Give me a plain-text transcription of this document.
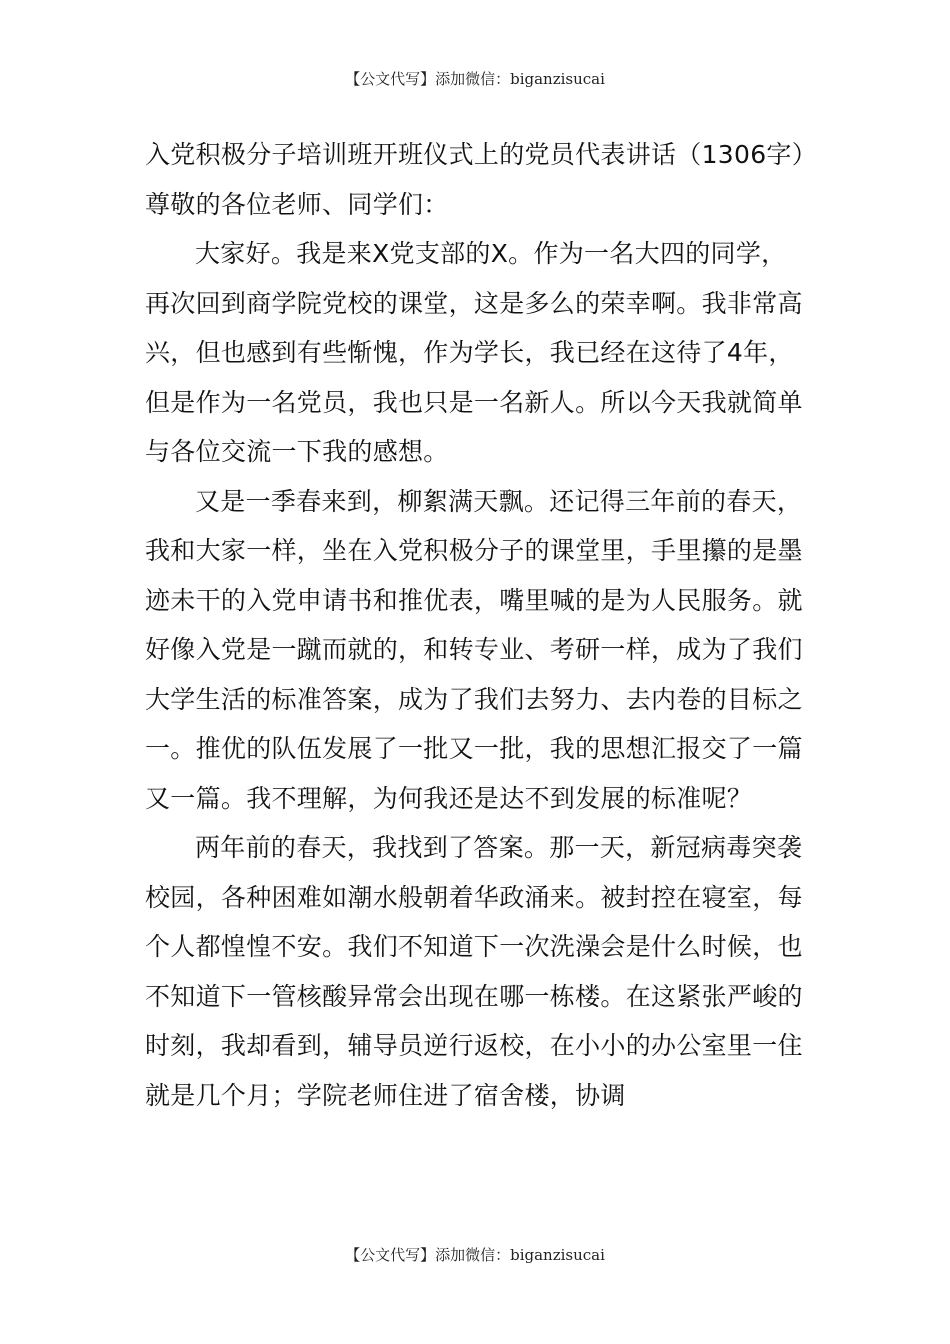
【公文代写】添加微信：biganzisucai

入党积极分子培训班开班仪式上的党员代表讲话（1306字）

尊敬的各位老师、同学们：

大家好。我是来X党支部的X。作为一名大四的同学，再次回到商学院党校的课堂，这是多么的荣幸啊。我非常高兴，但也感到有些惭愧，作为学长，我已经在这待了4年，但是作为一名党员，我也只是一名新人。所以今天我就简单与各位交流一下我的感想。

又是一季春来到，柳絮满天飘。还记得三年前的春天，我和大家一样，坐在入党积极分子的课堂里，手里攥的是墨迹未干的入党申请书和推优表，嘴里喊的是为人民服务。就好像入党是一蹴而就的，和转专业、考研一样，成为了我们大学生活的标准答案，成为了我们去努力、去内卷的目标之一。推优的队伍发展了一批又一批，我的思想汇报交了一篇又一篇。我不理解，为何我还是达不到发展的标准呢？

两年前的春天，我找到了答案。那一天，新冠病毒突袭校园，各种困难如潮水般朝着华政涌来。被封控在寝室，每个人都惶惶不安。我们不知道下一次洗澡会是什么时候，也不知道下一管核酸异常会出现在哪一栋楼。在这紧张严峻的时刻，我却看到，辅导员逆行返校，在小小的办公室里一住就是几个月；学院老师住进了宿舍楼，协调

【公文代写】添加微信：biganzisucai
